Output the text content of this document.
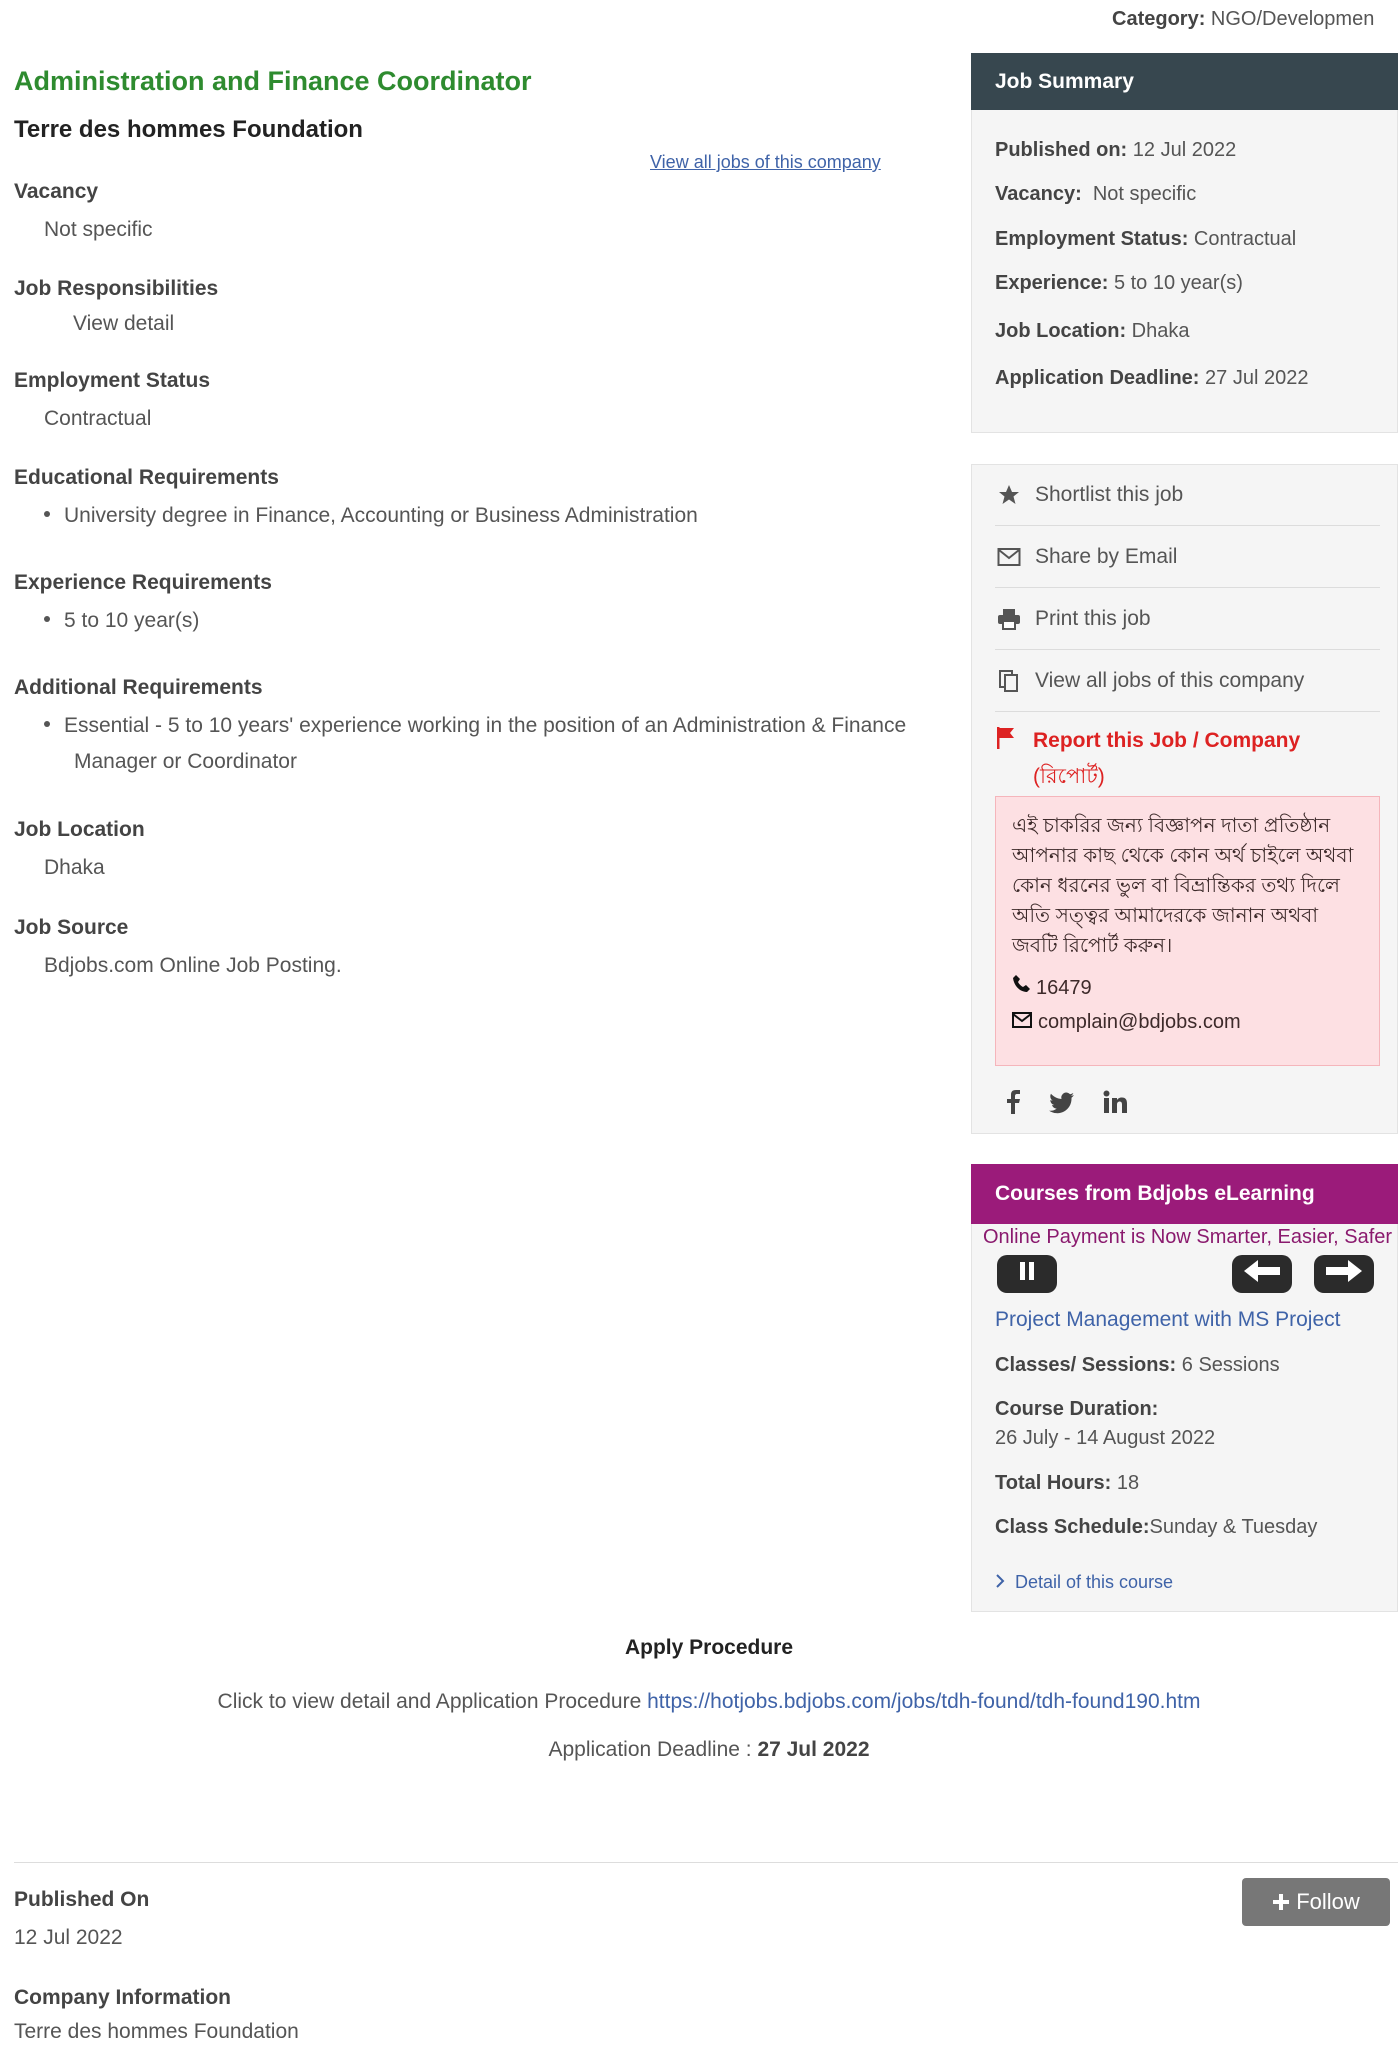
Category: NGO/Developmen
Administration and Finance Coordinator
Terre des hommes Foundation
View all jobs of this company
Vacancy
Not specific
Job Responsibilities
View detail
Employment Status
Contractual
Educational Requirements
University degree in Finance, Accounting or Business Administration
Experience Requirements
5 to 10 year(s)
Additional Requirements
Essential - 5 to 10 years' experience working in the position of an Administration & Finance Manager or Coordinator
Job Location
Dhaka
Job Source
Bdjobs.com Online Job Posting.
Job Summary
Published on: 12 Jul 2022
Vacancy:  Not specific
Employment Status: Contractual
Experience: 5 to 10 year(s)
Job Location: Dhaka
Application Deadline: 27 Jul 2022
Shortlist this job
Share by Email
Print this job
View all jobs of this company
Report this Job / Company
(রিপোর্ট)
এই চাকরির জন্য বিজ্ঞাপন দাতা প্রতিষ্ঠান আপনার কাছ থেকে কোন অর্থ চাইলে অথবা কোন ধরনের ভুল বা বিভ্রান্তিকর তথ্য দিলে অতি সত্ত্বর আমাদেরকে জানান অথবা জবটি রিপোর্ট করুন।
16479
complain@bdjobs.com
Courses from Bdjobs eLearning
Online Payment is Now Smarter, Easier, Safer
Project Management with MS Project
Classes/ Sessions: 6 Sessions
Course Duration:
26 July - 14 August 2022
Total Hours: 18
Class Schedule:Sunday & Tuesday
Detail of this course
Apply Procedure
Click to view detail and Application Procedure https://hotjobs.bdjobs.com/jobs/tdh-found/tdh-found190.htm
Application Deadline : 27 Jul 2022
Published On
12 Jul 2022
Company Information
Terre des hommes Foundation
Follow
